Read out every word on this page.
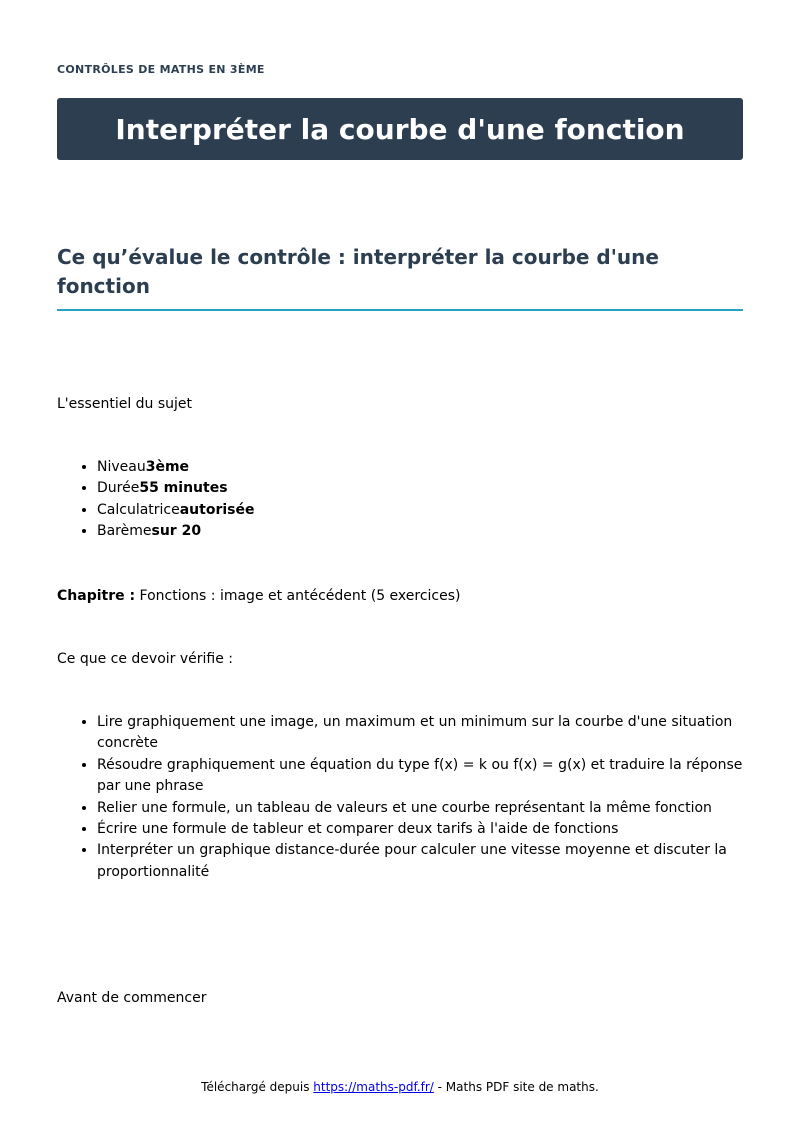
CONTRÔLES DE MATHS EN 3ÈME
Interpréter la courbe d'une fonction
Ce qu’évalue le contrôle : interpréter la courbe d'une fonction

L'essentiel du sujet

• Niveau3ème
• Durée55 minutes
• Calculatriceautorisée
• Barèmesur 20

Chapitre : Fonctions : image et antécédent (5 exercices)

Ce que ce devoir vérifie :

• Lire graphiquement une image, un maximum et un minimum sur la courbe d'une situation concrète
• Résoudre graphiquement une équation du type f(x) = k ou f(x) = g(x) et traduire la réponse par une phrase
• Relier une formule, un tableau de valeurs et une courbe représentant la même fonction
• Écrire une formule de tableur et comparer deux tarifs à l'aide de fonctions
• Interpréter un graphique distance-durée pour calculer une vitesse moyenne et discuter la proportionnalité

Avant de commencer

Téléchargé depuis https://maths-pdf.fr/ - Maths PDF site de maths.
